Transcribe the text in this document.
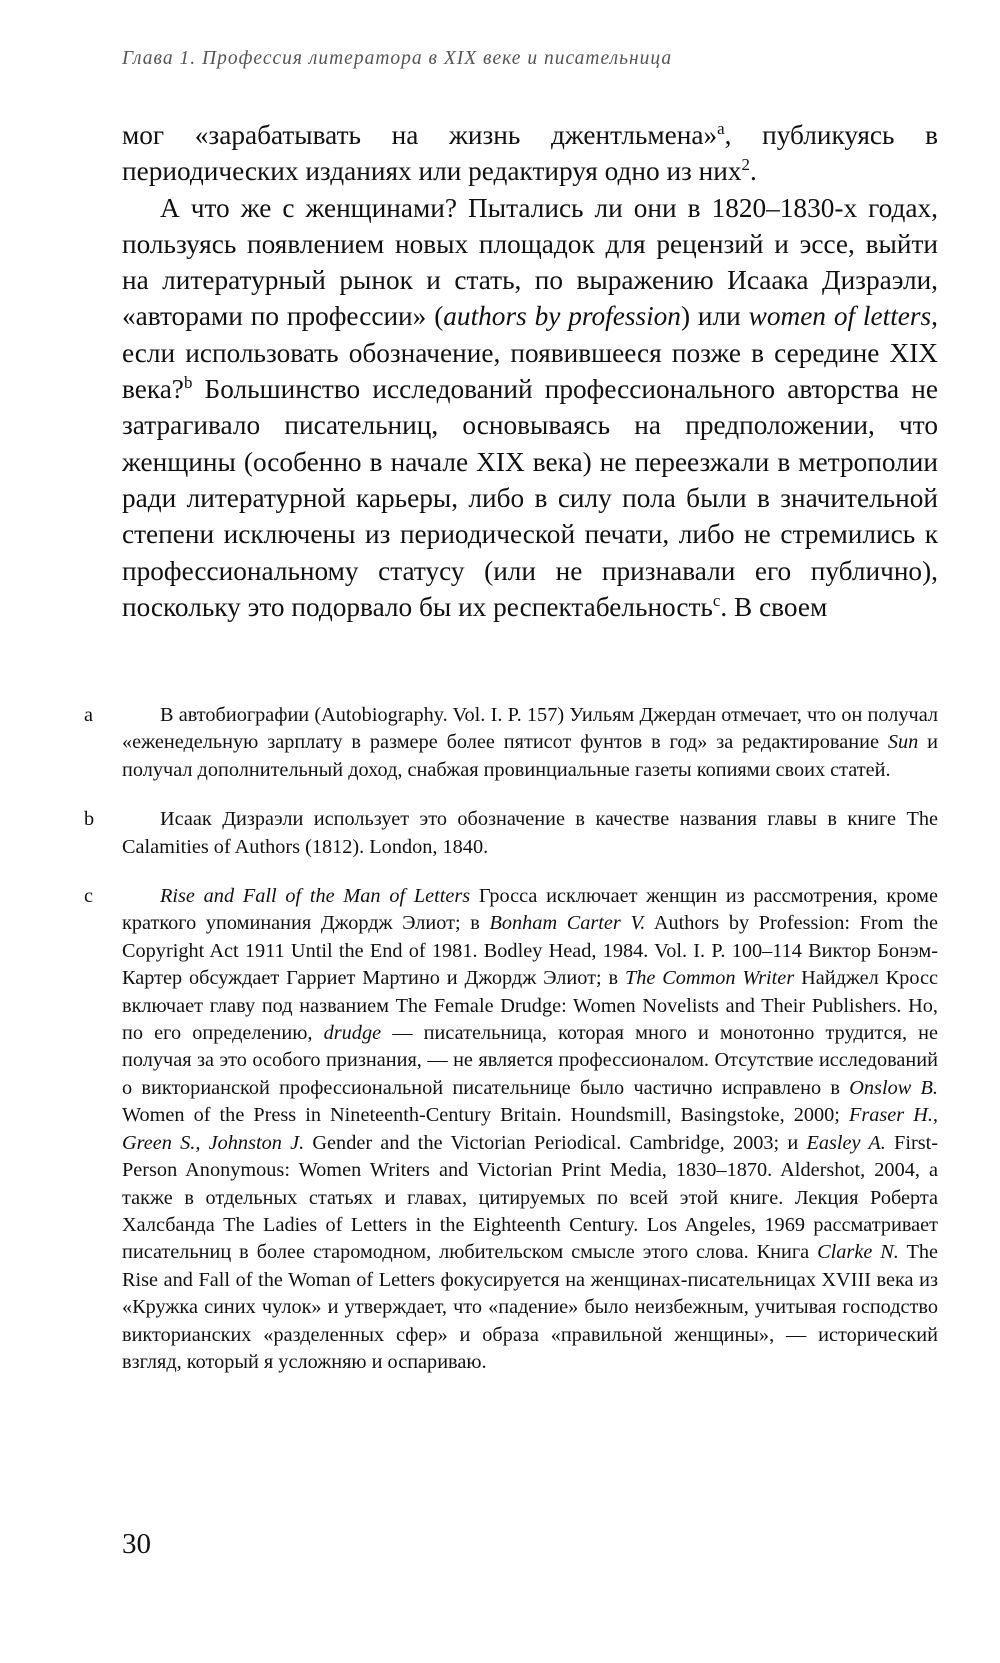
Глава 1. Профессия литератора в XIX веке и писательница

мог «зарабатывать на жизнь джентльмена»$^a$, публикуясь в периодических изданиях или редактируя одно из них$^2$.

А что же с женщинами? Пытались ли они в 1820–1830-х годах, пользуясь появлением новых площадок для рецензий и эссе, выйти на литературный рынок и стать, по выражению Исаака Дизраэли, «авторами по профессии» (authors by profession) или women of letters, если использовать обозначение, появившееся позже в середине XIX века?$^b$ Большинство исследований профессионального авторства не затрагивало писательниц, основываясь на предположении, что женщины (особенно в начале XIX века) не переезжали в метрополии ради литературной карьеры, либо в силу пола были в значительной степени исключены из периодической печати, либо не стремились к профессиональному статусу (или не признавали его публично), поскольку это подорвало бы их респектабельность$^c$. В своем

a	В автобиографии (Autobiography. Vol. I. P. 157) Уильям Джердан отмечает, что он получал «еженедельную зарплату в размере более пятисот фунтов в год» за редактирование Sun и получал дополнительный доход, снабжая провинциальные газеты копиями своих статей.

b	Исаак Дизраэли использует это обозначение в качестве названия главы в книге The Calamities of Authors (1812). London, 1840.

c	Rise and Fall of the Man of Letters Гросса исключает женщин из рассмотрения, кроме краткого упоминания Джордж Элиот; в Bonham Carter V. Authors by Profession: From the Copyright Act 1911 Until the End of 1981. Bodley Head, 1984. Vol. I. P. 100–114 Виктор Бонэм-Картер обсуждает Гарриет Мартино и Джордж Элиот; в The Common Writer Найджел Кросс включает главу под названием The Female Drudge: Women Novelists and Their Publishers. Но, по его определению, drudge — писательница, которая много и монотонно трудится, не получая за это особого признания, — не является профессионалом. Отсутствие исследований о викторианской профессиональной писательнице было частично исправлено в Onslow B. Women of the Press in Nineteenth-Century Britain. Houndsmill, Basingstoke, 2000; Fraser H., Green S., Johnston J. Gender and the Victorian Periodical. Cambridge, 2003; и Easley A. First-Person Anonymous: Women Writers and Victorian Print Media, 1830–1870. Aldershot, 2004, а также в отдельных статьях и главах, цитируемых по всей этой книге. Лекция Роберта Халсбанда The Ladies of Letters in the Eighteenth Century. Los Angeles, 1969 рассматривает писательниц в более старомодном, любительском смысле этого слова. Книга Clarke N. The Rise and Fall of the Woman of Letters фокусируется на женщинах-писательницах XVIII века из «Кружка синих чулок» и утверждает, что «падение» было неизбежным, учитывая господство викторианских «разделенных сфер» и образа «правильной женщины», — исторический взгляд, который я усложняю и оспариваю.

30
